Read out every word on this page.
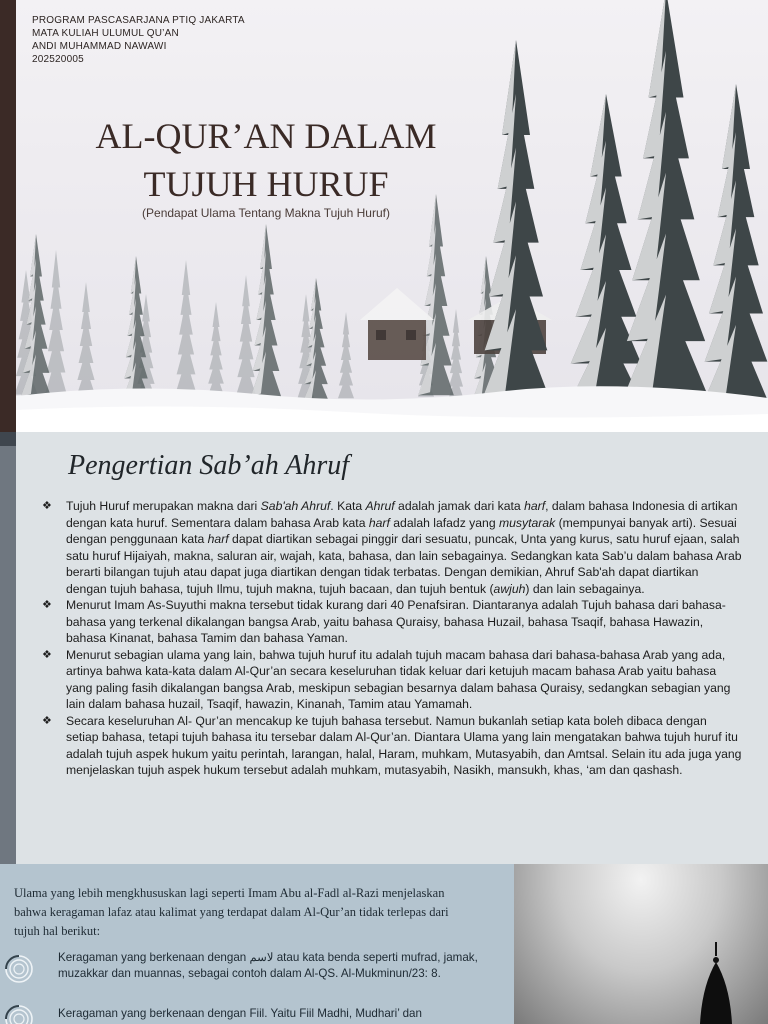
PROGRAM PASCASARJANA PTIQ JAKARTA
MATA KULIAH ULUMUL QU’AN
ANDI MUHAMMAD NAWAWI
202520005
AL-QUR’AN DALAM
TUJUH HURUF
(Pendapat Ulama Tentang Makna Tujuh Huruf)
Pengertian Sab’ah Ahruf
❖ Tujuh Huruf merupakan makna dari Sab'ah Ahruf. Kata Ahruf adalah jamak dari kata harf, dalam bahasa Indonesia di artikan dengan kata huruf. Sementara dalam bahasa Arab kata harf adalah lafadz yang musytarak (mempunyai banyak arti). Sesuai dengan penggunaan kata harf dapat diartikan sebagai pinggir dari sesuatu, puncak, Unta yang kurus, satu huruf ejaan, salah satu huruf Hijaiyah, makna, saluran air, wajah, kata, bahasa, dan lain sebagainya. Sedangkan kata Sab’u dalam bahasa Arab berarti bilangan tujuh atau dapat juga diartikan dengan tidak terbatas. Dengan demikian, Ahruf Sab'ah dapat diartikan dengan tujuh bahasa, tujuh Ilmu, tujuh makna, tujuh bacaan, dan tujuh bentuk (awjuh) dan lain sebagainya.
❖ Menurut Imam As-Suyuthi makna tersebut tidak kurang dari 40 Penafsiran. Diantaranya adalah Tujuh bahasa dari bahasa-bahasa yang terkenal dikalangan bangsa Arab, yaitu bahasa Quraisy, bahasa Huzail, bahasa Tsaqif, bahasa Hawazin, bahasa Kinanat, bahasa Tamim dan bahasa Yaman.
❖ Menurut sebagian ulama yang lain, bahwa tujuh huruf itu adalah tujuh macam bahasa dari bahasa-bahasa Arab yang ada, artinya bahwa kata-kata dalam Al-Qur’an secara keseluruhan tidak keluar dari ketujuh macam bahasa Arab yaitu bahasa yang paling fasih dikalangan bangsa Arab, meskipun sebagian besarnya dalam bahasa Quraisy, sedangkan sebagian yang lain dalam bahasa huzail, Tsaqif, hawazin, Kinanah, Tamim atau Yamamah.
❖ Secara keseluruhan Al- Qur’an mencakup ke tujuh bahasa tersebut. Namun bukanlah setiap kata boleh dibaca dengan setiap bahasa, tetapi tujuh bahasa itu tersebar dalam Al-Qur’an. Diantara Ulama yang lain mengatakan bahwa tujuh huruf itu adalah tujuh aspek hukum yaitu perintah, larangan, halal, Haram, muhkam, Mutasyabih, dan Amtsal. Selain itu ada juga yang menjelaskan tujuh aspek hukum tersebut adalah muhkam, mutasyabih, Nasikh, mansukh, khas, ‘am dan qashash.
Ulama yang lebih mengkhususkan lagi seperti Imam Abu al-Fadl al-Razi menjelaskan bahwa keragaman lafaz atau kalimat yang terdapat dalam Al-Qur’an tidak terlepas dari tujuh hal berikut:
Keragaman yang berkenaan dengan لاسم atau kata benda seperti mufrad, jamak, muzakkar dan muannas, sebagai contoh dalam Al-QS. Al-Mukminun/23: 8.
Keragaman yang berkenaan dengan Fiil. Yaitu Fiil Madhi, Mudhari’ dan
